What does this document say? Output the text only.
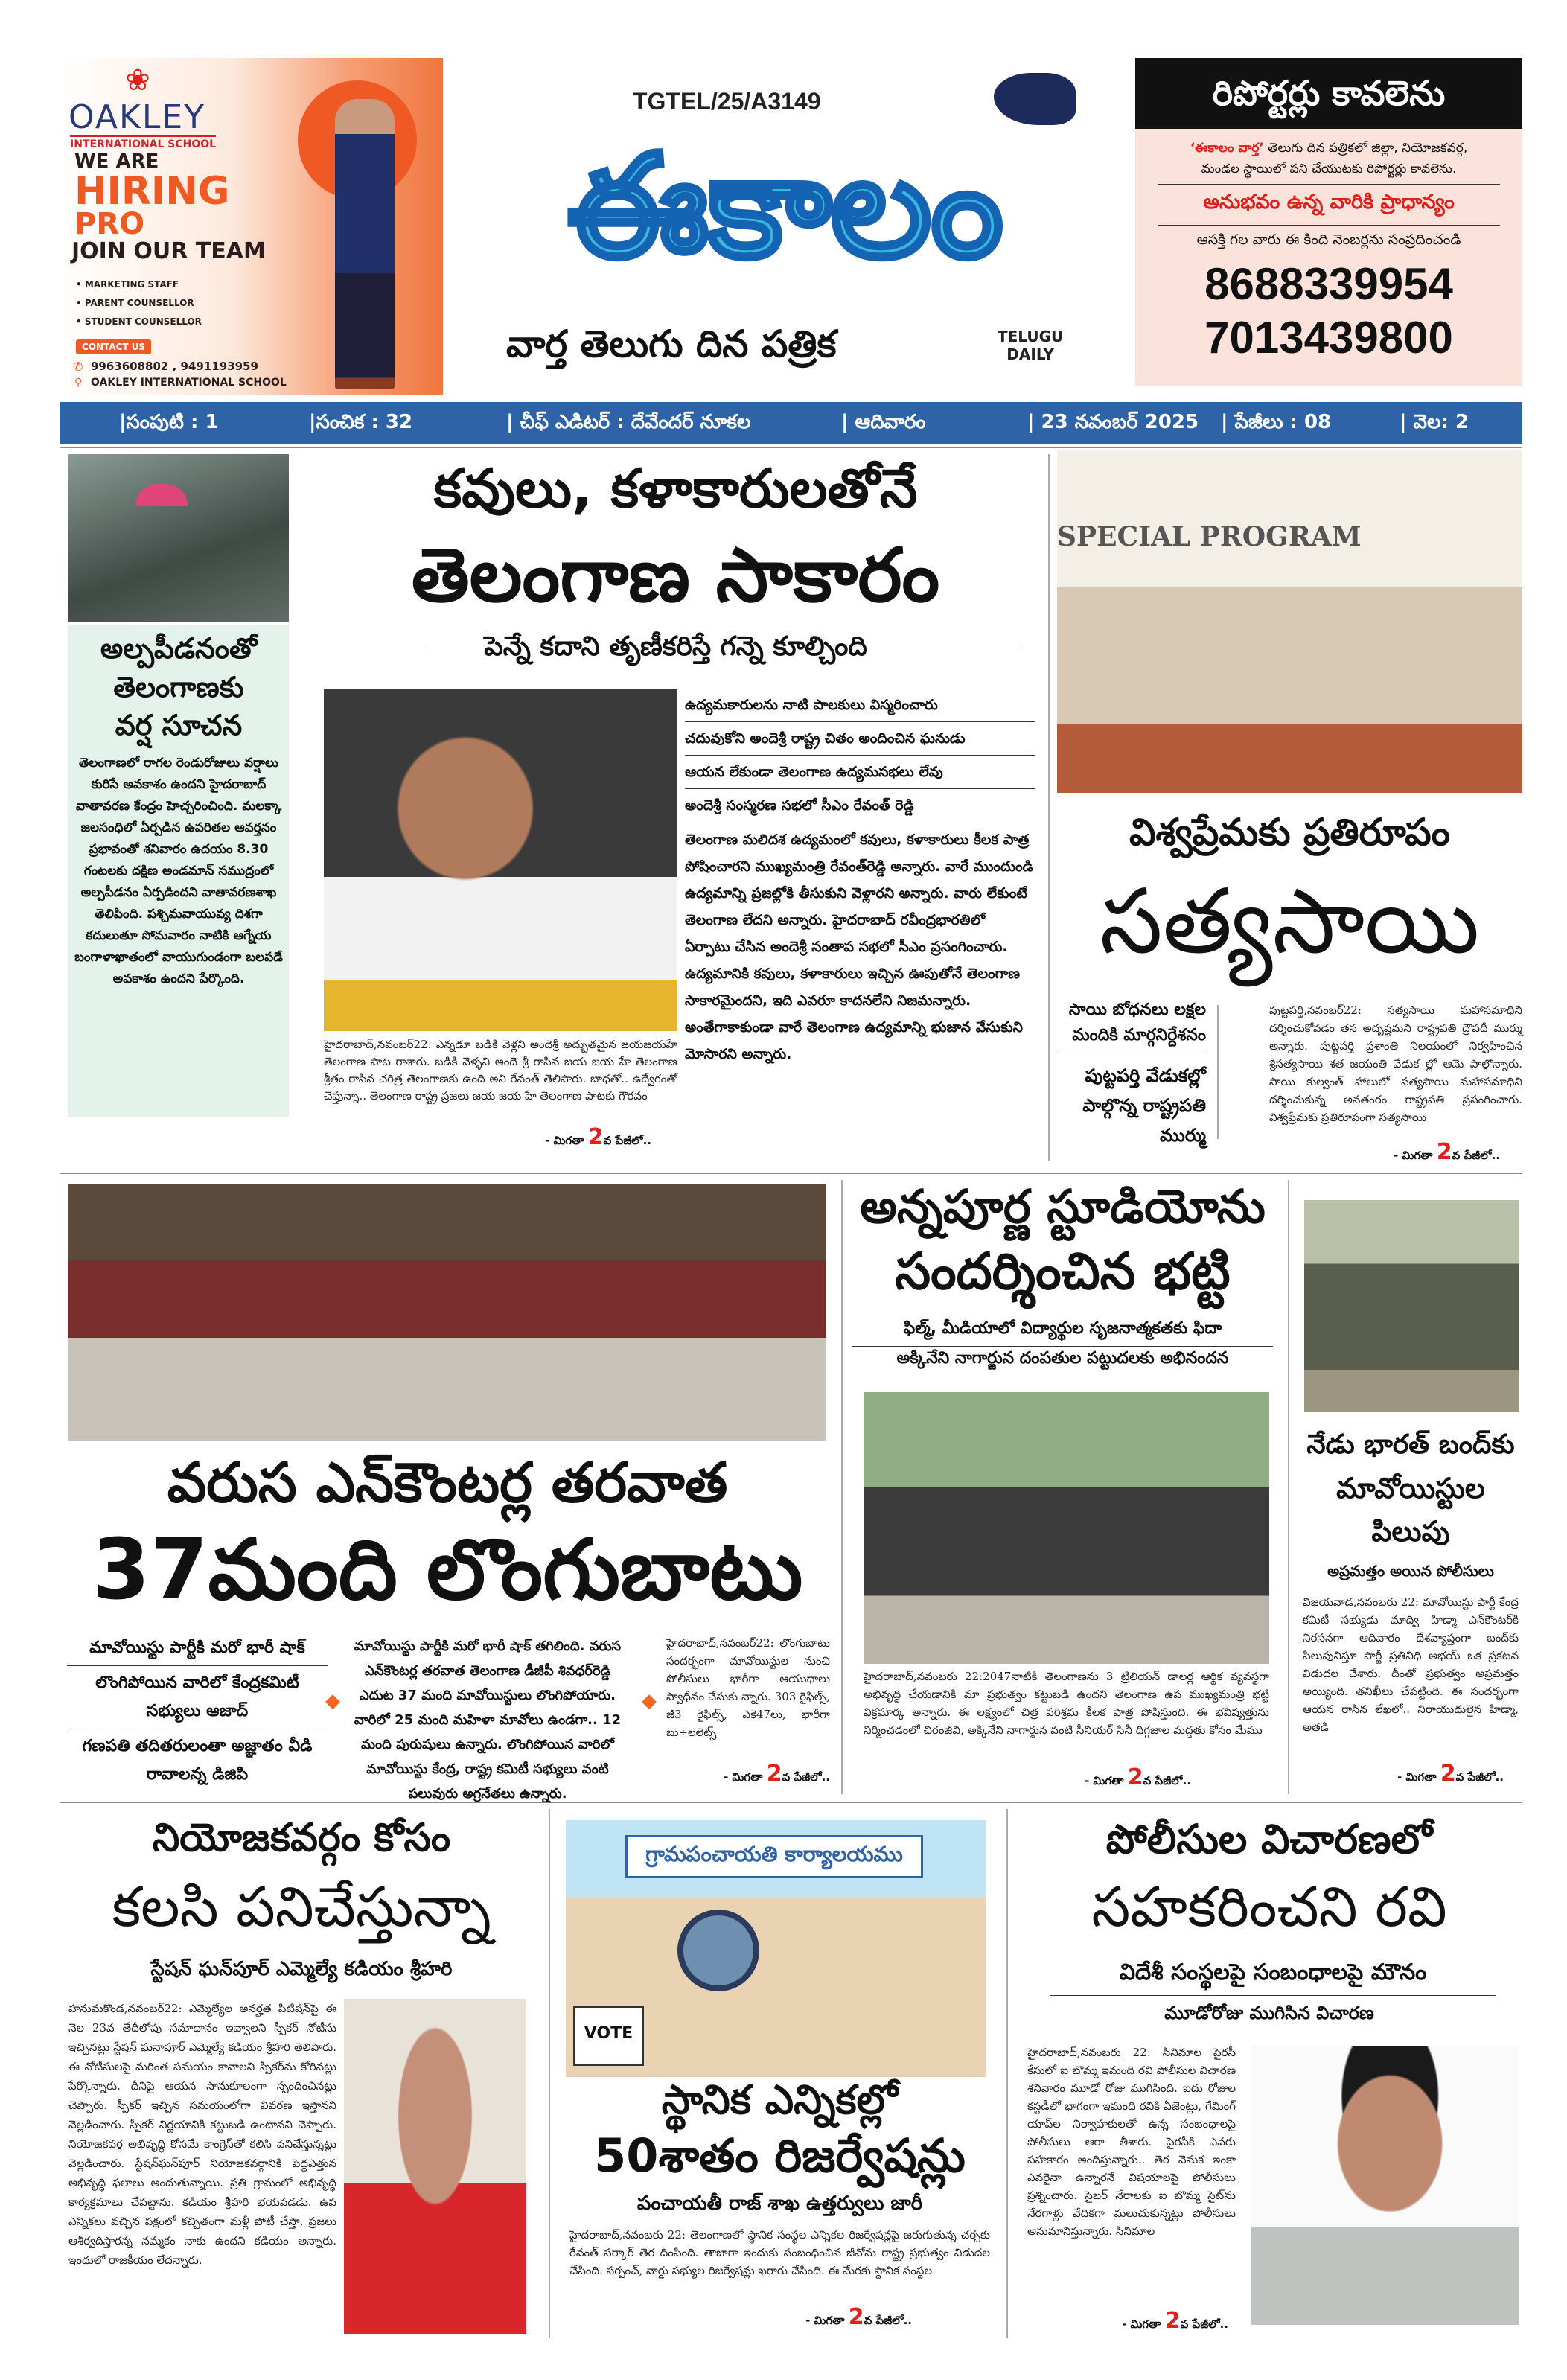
❀
OAKLEY
INTERNATIONAL SCHOOL
WE ARE
HIRING
PRO
JOIN OUR TEAM
• MARKETING STAFF
• PARENT COUNSELLOR
• STUDENT COUNSELLOR
CONTACT US
✆ 9963608802 , 9491193959
⚲ OAKLEY INTERNATIONAL SCHOOL
TGTEL/25/A3149
ఈకాలం
వార్త తెలుగు దిన పత్రిక	TELUGU
DAILY
రిపోర్టర్లు కావలెను
‘ఈకాలం వార్త’ తెలుగు దిన పత్రికలో జిల్లా, నియోజకవర్గ, మండల స్థాయిలో పని చేయుటకు రిపోర్టర్లు కావలెను.
అనుభవం ఉన్న వారికి ప్రాధాన్యం
ఆసక్తి గల వారు ఈ కింది నెంబర్లను సంప్రదించండి
8688339954
7013439800
|సంపుటి : 1	|సంచిక : 32	| చీఫ్ ఎడిటర్ : దేవేందర్ నూకల	| ఆదివారం	| 23 నవంబర్ 2025 | పేజీలు : 08	| వెల: 2
అల్పపీడనంతో
తెలంగాణకు
వర్ష సూచన
తెలంగాణలో రాగల రెండురోజులు వర్షాలు కురిసే అవకాశం ఉందని హైదరాబాద్ వాతావరణ కేంద్రం హెచ్చరించింది. మలక్కా జలసంధిలో ఏర్పడిన ఉపరితల ఆవర్తనం ప్రభావంతో శనివారం ఉదయం 8.30 గంటలకు దక్షిణ అండమాన్ సముద్రంలో అల్పపీడనం ఏర్పడిందని వాతావరణశాఖ తెలిపింది. పశ్చిమవాయువ్య దిశగా కదులుతూ సోమవారం నాటికి ఆగ్నేయ బంగాళాఖాతంలో వాయుగుండంగా బలపడే అవకాశం ఉందని పేర్కొంది.
కవులు, కళాకారులతోనే
తెలంగాణ సాకారం
పెన్నే కదాని తృణీకరిస్తే గన్నె కూల్చింది
హైదరాబాద్,నవంబర్22: ఎన్నడూ బడికి వెళ్లని అందెశ్రీ అద్భుతమైన జయజయహే తెలంగాణ పాట రాశారు. బడికి వెళ్ళని అందె శ్రీ రాసిన జయ జయ హే తెలంగాణ శ్రీతం రాసిన చరిత్ర తెలంగాణకు ఉంది అని రేవంత్ తెలిపారు. బాధతో.. ఉద్వేగంతో చెప్తున్నా.. తెలంగాణ రాష్ట్ర ప్రజలు జయ జయ హే తెలంగాణ పాటకు గౌరవం
- మిగతా 2వ పేజీలో..
ఉద్యమకారులను నాటి పాలకులు విస్మరించారు
చదువుకోని అందెశ్రీ రాష్ట్ర చితం అందించిన ఘనుడు
ఆయన లేకుండా తెలంగాణ ఉద్యమసభలు లేవు
అందెశ్రీ సంస్మరణ సభలో సీఎం రేవంత్ రెడ్డి
తెలంగాణ మలిదశ ఉద్యమంలో కవులు, కళాకారులు కీలక పాత్ర పోషించారని ముఖ్యమంత్రి రేవంత్‌రెడ్డి అన్నారు. వారే ముందుండి ఉద్యమాన్ని ప్రజల్లోకి తీసుకుని వెళ్లారని అన్నారు. వారు లేకుంటే తెలంగాణ లేదని అన్నారు. హైదరాబాద్ రవీంద్రభారతిలో ఏర్పాటు చేసిన అందెశ్రీ సంతాప సభలో సీఎం ప్రసంగించారు. ఉద్యమానికి కవులు, కళాకారులు ఇచ్చిన ఊపుతోనే తెలంగాణ సాకారమైందని, ఇది ఎవరూ కాదనలేని నిజమన్నారు. అంతేగాకాకుండా వారే తెలంగాణ ఉద్యమాన్ని భుజాన వేసుకుని మోసారని అన్నారు.
SPECIAL PROGRAM
విశ్వప్రేమకు ప్రతిరూపం
సత్యసాయి
సాయి బోధనలు లక్షల మందికి మార్గనిర్దేశనం
పుట్టపర్తి వేడుకల్లో పాల్గొన్న రాష్ట్రపతి ముర్ము
పుట్టపర్తి,నవంబర్22: సత్యసాయి మహాసమాధిని దర్శించుకోవడం తన అదృష్టమని రాష్ట్రపతి ద్రౌపదీ ముర్ము అన్నారు. పుట్టపర్తి ప్రశాంతి నిలయంలో నిర్వహించిన శ్రీసత్యసాయి శత జయంతి వేడుక ల్లో ఆమె పాల్గొన్నారు. సాయి కుల్వంత్ హాలులో సత్యసాయి మహాసమాధిని దర్శించుకున్న అనతంరం రాష్ట్రపతి ప్రసంగించారు. విశ్వప్రేమకు ప్రతిరూపంగా సత్యసాయి
- మిగతా 2వ పేజీలో..
వరుస ఎన్‌కౌంటర్ల తరవాత
37మంది లొంగుబాటు
మావోయిస్టు పార్టీకి మరో భారీ షాక్
లొంగిపోయిన వారిలో కేంద్రకమిటీ సభ్యులు ఆజాద్
గణపతి తదితరులంతా అజ్ఞాతం వీడి రావాలన్న డిజిపి
◆
మావోయిస్టు పార్టీకి మరో భారీ షాక్ తగిలింది. వరుస ఎన్‌కౌంటర్ల తరవాత తెలంగాణ డీజీపీ శివధర్‌రెడ్డి ఎదుట 37 మంది మావోయిస్టులు లొంగిపోయారు. వారిలో 25 మంది మహిళా మావోలు ఉండగా.. 12 మంది పురుషులు ఉన్నారు. లొంగిపోయిన వారిలో మావోయిస్టు కేంద్ర, రాష్ట్ర కమిటీ సభ్యులు వంటి పలువురు అగ్రనేతలు ఉన్నారు.
◆
హైదరాబాద్,నవంబర్22: లొంగుబాటు సందర్భంగా మావోయిస్టుల నుంచి పోలీసులు భారీగా ఆయుధాలు స్వాధీనం చేసుకు న్నారు. 303 రైఫిల్స్, జీ3 రైఫిల్స్, ఎకె47లు, భారీగా బు÷లలెట్స్
- మిగతా 2వ పేజీలో..
అన్నపూర్ణ స్టూడియోను
సందర్శించిన భట్టి
ఫిల్మ్, మీడియాలో విద్యార్థుల సృజనాత్మకతకు ఫిదా
అక్కినేని నాగార్జున దంపతుల పట్టుదలకు అభినందన
హైదరాబాద్,నవంబరు 22:2047నాటికి తెలంగాణను 3 ట్రిలియన్ డాలర్ల ఆర్థిక వ్యవస్థగా అభివృద్ధి చేయడానికి మా ప్రభుత్వం కట్టుబడి ఉందని తెలంగాణ ఉప ముఖ్యమంత్రి భట్టి విక్రమార్క అన్నారు. ఈ లక్ష్యంలో చిత్ర పరిశ్రమ కీలక పాత్ర పోషిస్తుంది. ఈ భవిష్యత్తును నిర్మించడంలో చిరంజీవి, అక్కినేని నాగార్జున వంటి సీనియర్ సినీ దిగ్గజాల మద్దతు కోసం మేము
- మిగతా 2వ పేజీలో..
నేడు భారత్ బంద్‌కు
మావోయిస్టుల
పిలుపు
అప్రమత్తం అయిన పోలీసులు
విజయవాడ,నవంబరు 22: మావోయిస్టు పార్టీ కేంద్ర కమిటీ సభ్యుడు మాద్వి హిడ్మా ఎన్‌కౌంటర్‌కి నిరసనగా ఆదివారం దేశవ్యాప్తంగా బంద్‌కు పిలుపునిస్తూ పార్టీ ప్రతినిధి అభయ్ ఒక ప్రకటన విడుదల చేశారు. దీంతో ప్రభుత్వం అప్రమత్తం అయ్యింది. తనిఖీలు చేపట్టింది. ఈ సందర్భంగా ఆయన రాసిన లేఖలో.. నిరాయుధులైన హిడ్మా, అతడి
- మిగతా 2వ పేజీలో..
నియోజకవర్గం కోసం
కలసి పనిచేస్తున్నా
స్టేషన్ ఘన్‌పూర్ ఎమ్మెల్యే కడియం శ్రీహరి
హనుమకొండ,నవంబర్22: ఎమ్మెల్యేల అనర్హత పిటిషన్‌పై ఈ నెల 23వ తేదీలోపు సమాధానం ఇవ్వాలని స్పీకర్ నోటీసు ఇచ్చినట్లు స్టేషన్ ఘనాపూర్ ఎమ్మెల్యే కడియం శ్రీహరి తెలిపారు. ఈ నోటీసులపై మరింత సమయం కావాలని స్పీకర్‌ను కోరినట్లు పేర్కొన్నారు. దీనిపై ఆయన సానుకూలంగా స్పందించినట్లు చెప్పారు. స్పీకర్ ఇచ్చిన సమయంలోగా వివరణ ఇస్తానని వెల్లడించారు. స్పీకర్ నిర్ణయానికి కట్టుబడి ఉంటానని చెప్పారు. నియోజకవర్గ అభివృద్ధి కోసమే కాంగ్రెస్‌తో కలిసి పనిచేస్తున్నట్లు వెల్లడించారు. స్టేషన్‌ఘన్‌పూర్ నియోజకవర్గానికి పెద్దఎత్తున అభివృద్ధి ఫలాలు అందుతున్నాయి. ప్రతి గ్రామంలో అభివృద్ధి కార్యక్రమాలు చేపట్టాను. కడియం శ్రీహరి భయపడడు. ఉప ఎన్నికలు వచ్చిన పక్షంలో కచ్చితంగా మళ్లీ పోటీ చేస్తా. ప్రజలు ఆశీర్వదిస్తారన్న నమ్మకం నాకు ఉందని కడియం అన్నారు. ఇందులో రాజకీయం లేదన్నారు.
గ్రామపంచాయతి కార్యాలయము
VOTE
స్థానిక ఎన్నికల్లో
50శాతం రిజర్వేషన్లు
పంచాయతీ రాజ్ శాఖ ఉత్తర్వులు జారీ
హైదరాబాద్,నవంబరు 22: తెలంగాణలో స్థానిక సంస్థల ఎన్నికల రిజర్వేషన్లపై జరుగుతున్న చర్చకు రేవంత్ సర్కార్ తెర దింపింది. తాజాగా ఇందుకు సంబంధించిన జీవోను రాష్ట్ర ప్రభుత్వం విడుదల చేసింది. సర్పంచ్, వార్డు సభ్యుల రిజర్వేషన్లు ఖరారు చేసింది. ఈ మేరకు స్థానిక సంస్థల
- మిగతా 2వ పేజీలో..
పోలీసుల విచారణలో
సహకరించని రవి
విదేశీ సంస్థలపై సంబంధాలపై మౌనం
మూడోరోజు ముగిసిన విచారణ
హైదరాబాద్,నవంబరు 22: సినిమాల పైరసీ కేసులో ఐ బొమ్మ ఇమంది రవి పోలీసుల విచారణ శనివారం మూడో రోజు ముగిసింది. ఐదు రోజుల కస్టడీలో భాగంగా ఇమంది రవికి ఏజెంట్లు, గేమింగ్ యాప్‌ల నిర్వాహకులతో ఉన్న సంబంధాలపై పోలీసులు ఆరా తీశారు. పైరసీకి ఎవరు సహకారం అందిస్తున్నారు.. తెర వెనుక ఇంకా ఎవరైనా ఉన్నారనే విషయాలపై పోలీసులు ప్రశ్నించారు. సైబర్ నేరాలకు ఐ బొమ్మ సైట్‌ను నేరగాళ్లు వేదికగా మలుచుకున్నట్లు పోలీసులు అనుమానిస్తున్నారు. సినిమాల
- మిగతా 2వ పేజీలో..
